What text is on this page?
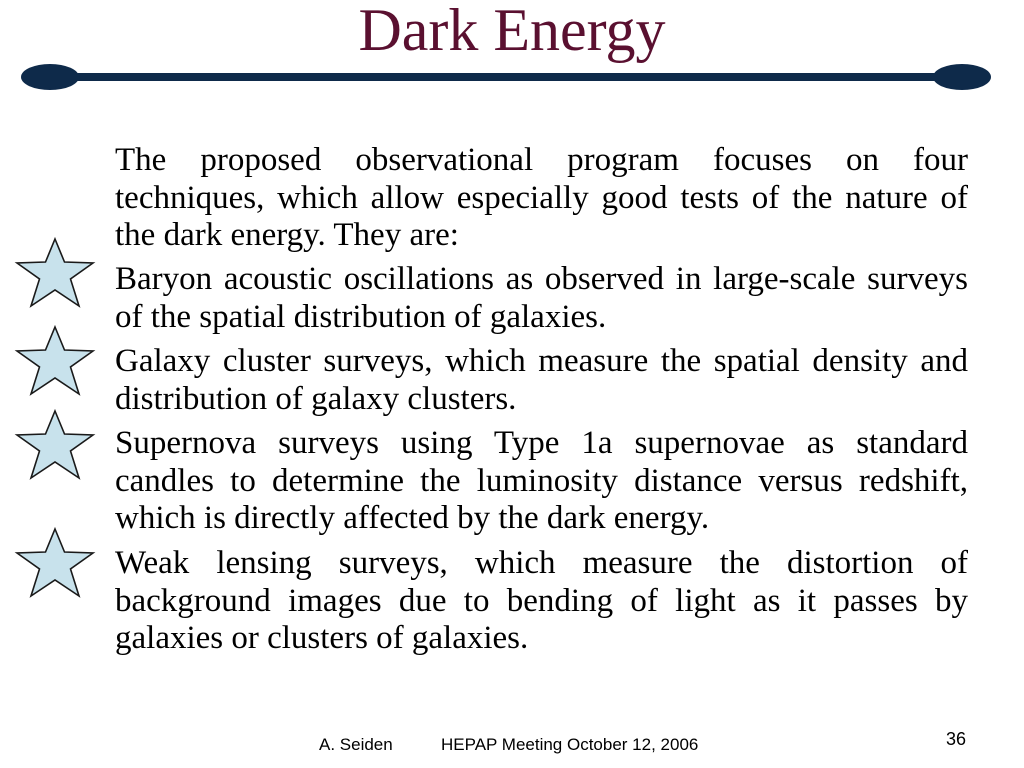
Dark Energy

The proposed observational program focuses on four techniques, which allow especially good tests of the nature of the dark energy. They are:

Baryon acoustic oscillations as observed in large-scale surveys of the spatial distribution of galaxies.

Galaxy cluster surveys, which measure the spatial density and distribution of galaxy clusters.

Supernova surveys using Type 1a supernovae as standard candles to determine the luminosity distance versus redshift, which is directly affected by the dark energy.

Weak lensing surveys, which measure the distortion of background images due to bending of light as it passes by galaxies or clusters of galaxies.

A. Seiden	HEPAP Meeting October 12, 2006	36
